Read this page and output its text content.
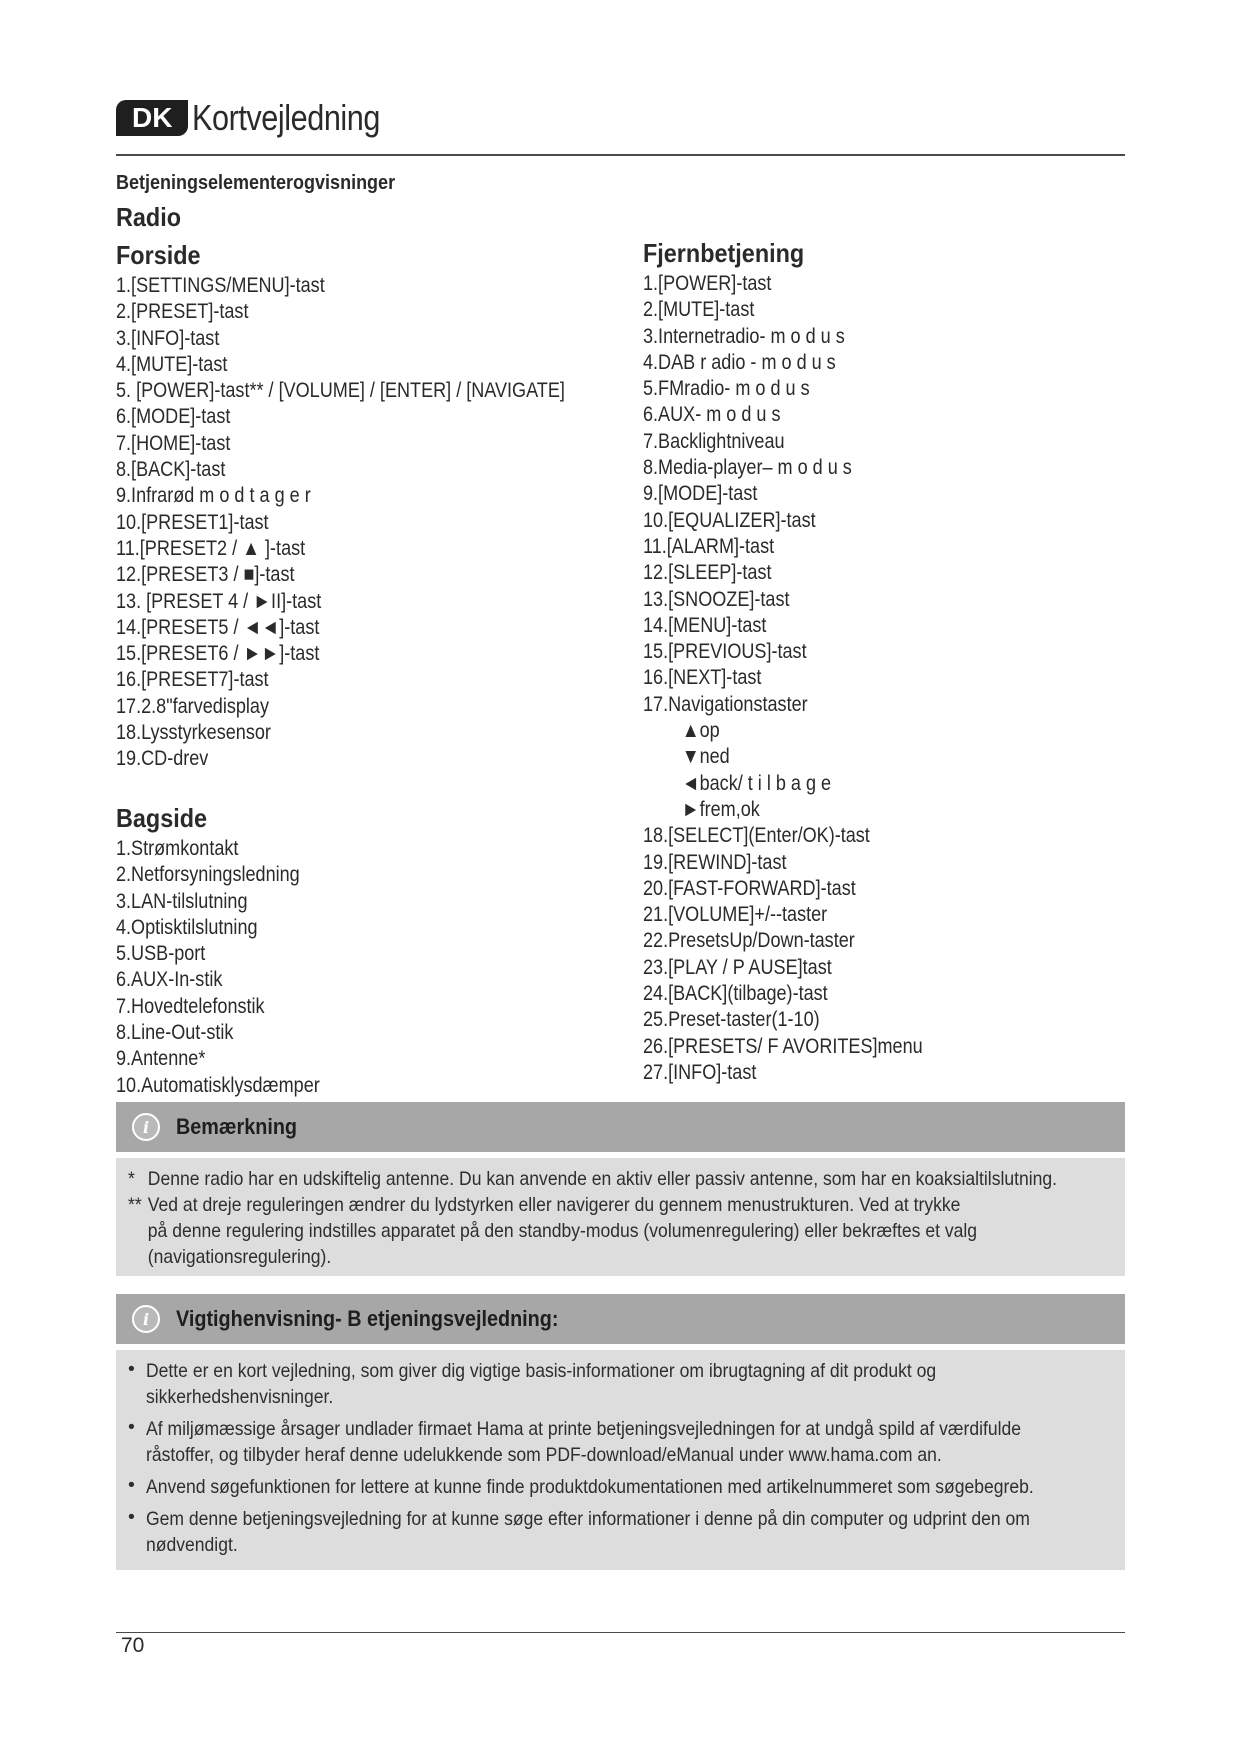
DK Kortvejledning
Betjeningselementerogvisninger
Radio
Forside
1.[SETTINGS/MENU]-tast
2.[PRESET]-tast
3.[INFO]-tast
4.[MUTE]-tast
5. [POWER]-tast** / [VOLUME] / [ENTER] / [NAVIGATE]
6.[MODE]-tast
7.[HOME]-tast
8.[BACK]-tast
9.Infrarød m o d t a g e r
10.[PRESET1]-tast
11.[PRESET2 / ▲ ]-tast
12.[PRESET3 / ■]-tast
13. [PRESET 4 / ►II]-tast
14.[PRESET5 / ◄◄]-tast
15.[PRESET6 / ►►]-tast
16.[PRESET7]-tast
17.2.8"farvedisplay
18.Lysstyrkesensor
19.CD-drev
Bagside
1.Strømkontakt
2.Netforsyningsledning
3.LAN-tilslutning
4.Optisktilslutning
5.USB-port
6.AUX-In-stik
7.Hovedtelefonstik
8.Line-Out-stik
9.Antenne*
10.Automatisklysdæmper
Fjernbetjening
1.[POWER]-tast
2.[MUTE]-tast
3.Internetradio- m o d u s
4.DAB r adio - m o d u s
5.FMradio- m o d u s
6.AUX- m o d u s
7.Backlightniveau
8.Media-player– m o d u s
9.[MODE]-tast
10.[EQUALIZER]-tast
11.[ALARM]-tast
12.[SLEEP]-tast
13.[SNOOZE]-tast
14.[MENU]-tast
15.[PREVIOUS]-tast
16.[NEXT]-tast
17.Navigationstaster
▲op
▼ned
◄back/ t i l b a g e
►frem,ok
18.[SELECT](Enter/OK)-tast
19.[REWIND]-tast
20.[FAST-FORWARD]-tast
21.[VOLUME]+/--taster
22.PresetsUp/Down-taster
23.[PLAY / P AUSE]tast
24.[BACK](tilbage)-tast
25.Preset-taster(1-10)
26.[PRESETS/ F AVORITES]menu
27.[INFO]-tast
i	Bemærkning

* Denne radio har en udskiftelig antenne. Du kan anvende en aktiv eller passiv antenne, som har en koaksialtilslutning.

** Ved at dreje reguleringen ændrer du lydstyrken eller navigerer du gennem menustrukturen. Ved at trykke

på denne regulering indstilles apparatet på den standby-modus (volumenregulering) eller bekræftes et valg

(navigationsregulering).

i	Vigtighenvisning- B etjeningsvejledning:
• Dette er en kort vejledning, som giver dig vigtige basis-informationer om ibrugtagning af dit produkt og

sikkerhedshenvisninger.

• Af miljømæssige årsager undlader firmaet Hama at printe betjeningsvejledningen for at undgå spild af værdifulde

råstoffer, og tilbyder heraf denne udelukkende som PDF-download/eManual under www.hama.com an.

• Anvend søgefunktionen for lettere at kunne finde produktdokumentationen med artikelnummeret som søgebegreb.

• Gem denne betjeningsvejledning for at kunne søge efter informationer i denne på din computer og udprint den om

nødvendigt.

70
